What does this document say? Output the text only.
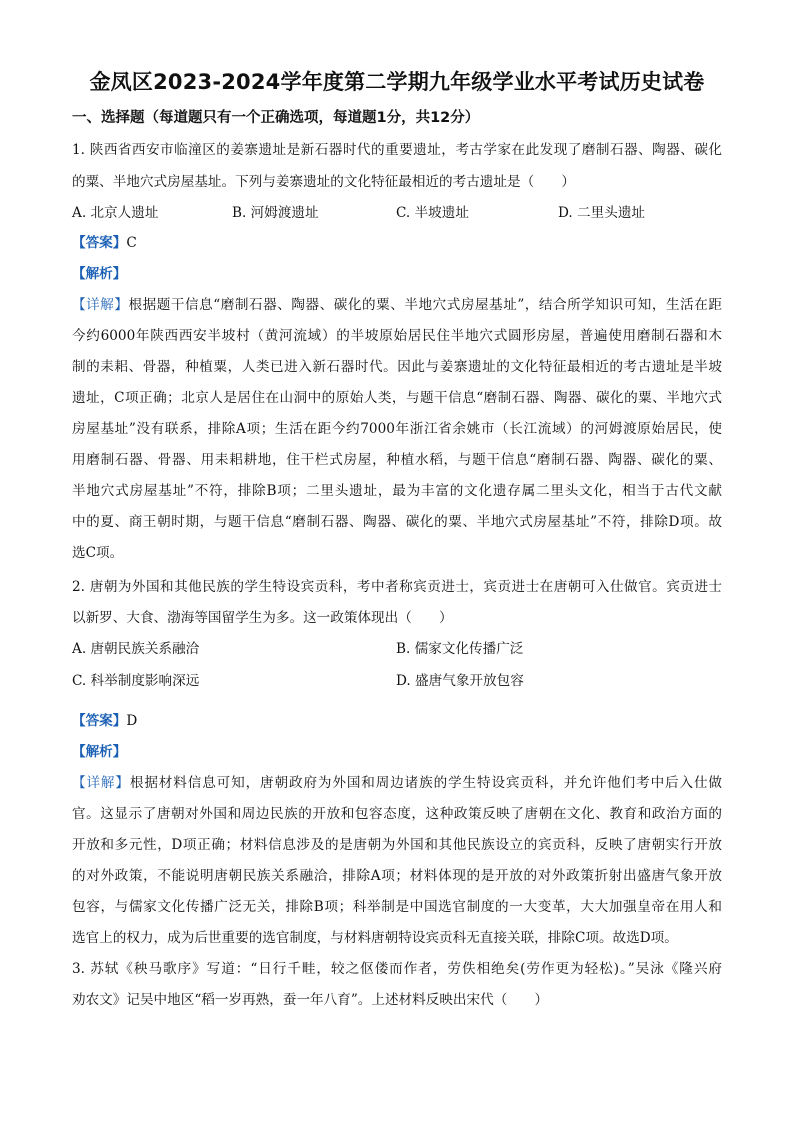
金凤区2023-2024学年度第二学期九年级学业水平考试历史试卷
一、选择题（每道题只有一个正确选项，每道题1分，共12分）
1. 陕西省西安市临潼区的姜寨遗址是新石器时代的重要遗址，考古学家在此发现了磨制石器、陶器、碳化
的粟、半地穴式房屋基址。下列与姜寨遗址的文化特征最相近的考古遗址是（　　）
A. 北京人遗址	B. 河姆渡遗址	C. 半坡遗址	D. 二里头遗址
【答案】C
【解析】
【详解】根据题干信息“磨制石器、陶器、碳化的粟、半地穴式房屋基址”，结合所学知识可知，生活在距
今约6000年陕西西安半坡村（黄河流域）的半坡原始居民住半地穴式圆形房屋，普遍使用磨制石器和木
制的耒耜、骨器，种植粟，人类已进入新石器时代。因此与姜寨遗址的文化特征最相近的考古遗址是半坡
遗址，C项正确；北京人是居住在山洞中的原始人类，与题干信息“磨制石器、陶器、碳化的粟、半地穴式
房屋基址”没有联系，排除A项；生活在距今约7000年浙江省余姚市（长江流域）的河姆渡原始居民，使
用磨制石器、骨器、用耒耜耕地，住干栏式房屋，种植水稻，与题干信息“磨制石器、陶器、碳化的粟、
半地穴式房屋基址”不符，排除B项；二里头遗址，最为丰富的文化遗存属二里头文化，相当于古代文献
中的夏、商王朝时期，与题干信息“磨制石器、陶器、碳化的粟、半地穴式房屋基址”不符，排除D项。故
选C项。
2. 唐朝为外国和其他民族的学生特设宾贡科，考中者称宾贡进士，宾贡进士在唐朝可入仕做官。宾贡进士
以新罗、大食、渤海等国留学生为多。这一政策体现出（　　）
A. 唐朝民族关系融洽	B. 儒家文化传播广泛
C. 科举制度影响深远	D. 盛唐气象开放包容
【答案】D
【解析】
【详解】根据材料信息可知，唐朝政府为外国和周边诸族的学生特设宾贡科，并允许他们考中后入仕做
官。这显示了唐朝对外国和周边民族的开放和包容态度，这种政策反映了唐朝在文化、教育和政治方面的
开放和多元性，D项正确；材料信息涉及的是唐朝为外国和其他民族设立的宾贡科，反映了唐朝实行开放
的对外政策，不能说明唐朝民族关系融洽，排除A项；材料体现的是开放的对外政策折射出盛唐气象开放
包容，与儒家文化传播广泛无关，排除B项；科举制是中国选官制度的一大变革，大大加强皇帝在用人和
选官上的权力，成为后世重要的选官制度，与材料唐朝特设宾贡科无直接关联，排除C项。故选D项。
3. 苏轼《秧马歌序》写道：“日行千畦，较之伛偻而作者，劳佚相绝矣(劳作更为轻松)。”吴泳《隆兴府
劝农文》记吴中地区“稻一岁再熟，蚕一年八育”。上述材料反映出宋代（　　）
